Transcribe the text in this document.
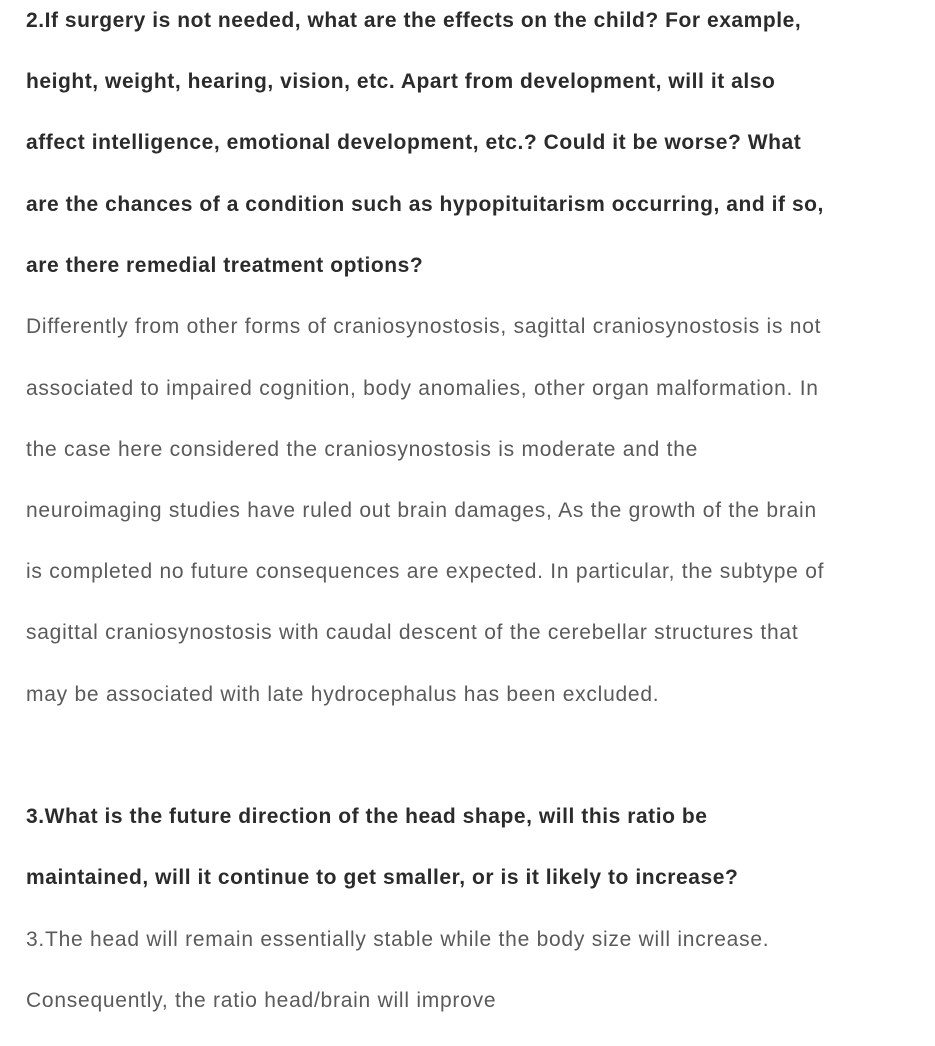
2.If surgery is not needed, what are the effects on the child? For example,
height, weight, hearing, vision, etc. Apart from development, will it also
affect intelligence, emotional development, etc.? Could it be worse? What
are the chances of a condition such as hypopituitarism occurring, and if so,
are there remedial treatment options?
Differently from other forms of craniosynostosis, sagittal craniosynostosis is not
associated to impaired cognition, body anomalies, other organ malformation. In
the case here considered the craniosynostosis is moderate and the
neuroimaging studies have ruled out brain damages, As the growth of the brain
is completed no future consequences are expected. In particular, the subtype of
sagittal craniosynostosis with caudal descent of the cerebellar structures that
may be associated with late hydrocephalus has been excluded.
3.What is the future direction of the head shape, will this ratio be
maintained, will it continue to get smaller, or is it likely to increase?
3.The head will remain essentially stable while the body size will increase.
Consequently, the ratio head/brain will improve
